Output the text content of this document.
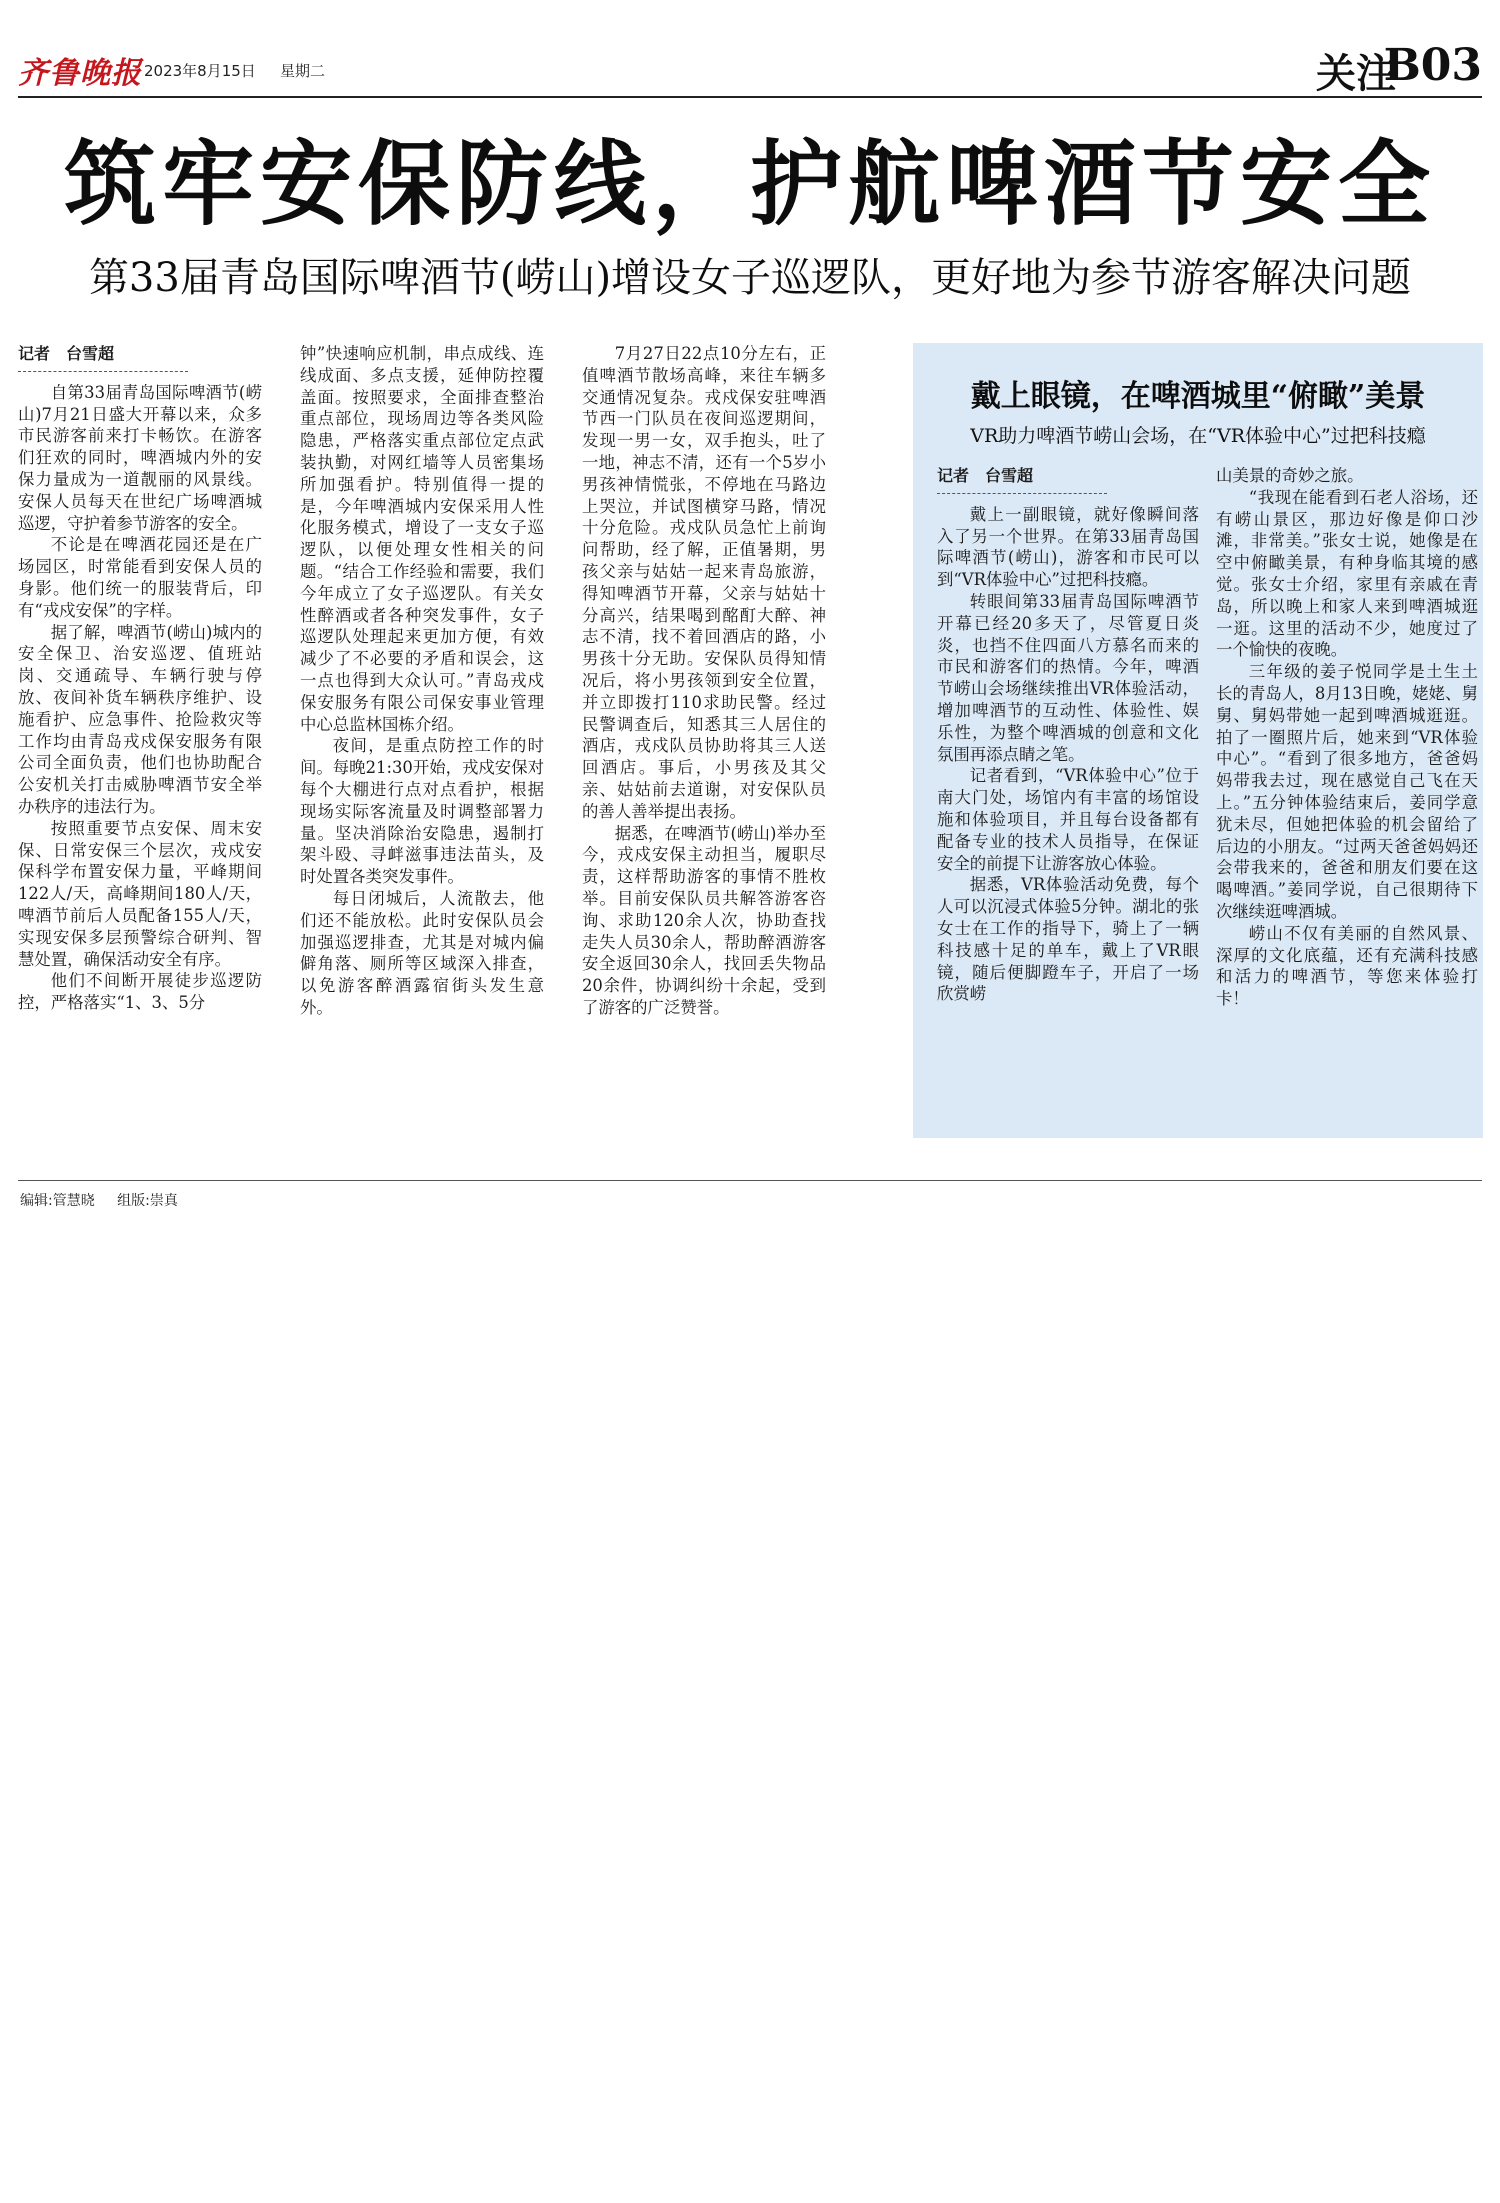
齐鲁晚报 2023年8月15日 星期二	关注
B03
筑牢安保防线，护航啤酒节安全
第33届青岛国际啤酒节(崂山)增设女子巡逻队，更好地为参节游客解决问题

记者　台雪超

自第33届青岛国际啤酒节(崂山)7月21日盛大开幕以来，众多市民游客前来打卡畅饮。在游客们狂欢的同时，啤酒城内外的安保力量成为一道靓丽的风景线。安保人员每天在世纪广场啤酒城巡逻，守护着参节游客的安全。

不论是在啤酒花园还是在广场园区，时常能看到安保人员的身影。他们统一的服装背后，印有“戎戍安保”的字样。

据了解，啤酒节(崂山)城内的安全保卫、治安巡逻、值班站岗、交通疏导、车辆行驶与停放、夜间补货车辆秩序维护、设施看护、应急事件、抢险救灾等工作均由青岛戎戍保安服务有限公司全面负责，他们也协助配合公安机关打击威胁啤酒节安全举办秩序的违法行为。

按照重要节点安保、周末安保、日常安保三个层次，戎戍安保科学布置安保力量，平峰期间122人/天，高峰期间180人/天，啤酒节前后人员配备155人/天，实现安保多层预警综合研判、智慧处置，确保活动安全有序。

他们不间断开展徒步巡逻防控，严格落实“1、3、5分

钟”快速响应机制，串点成线、连线成面、多点支援，延伸防控覆盖面。按照要求，全面排查整治重点部位，现场周边等各类风险隐患，严格落实重点部位定点武装执勤，对网红墙等人员密集场所加强看护。特别值得一提的是，今年啤酒城内安保采用人性化服务模式，增设了一支女子巡逻队，以便处理女性相关的问题。“结合工作经验和需要，我们今年成立了女子巡逻队。有关女性醉酒或者各种突发事件，女子巡逻队处理起来更加方便，有效减少了不必要的矛盾和误会，这一点也得到大众认可。”青岛戎戍保安服务有限公司保安事业管理中心总监林国栋介绍。

夜间，是重点防控工作的时间。每晚21:30开始，戎戍安保对每个大棚进行点对点看护，根据现场实际客流量及时调整部署力量。坚决消除治安隐患，遏制打架斗殴、寻衅滋事违法苗头，及时处置各类突发事件。

每日闭城后，人流散去，他们还不能放松。此时安保队员会加强巡逻排查，尤其是对城内偏僻角落、厕所等区域深入排查，以免游客醉酒露宿街头发生意外。

7月27日22点10分左右，正值啤酒节散场高峰，来往车辆多交通情况复杂。戎戍保安驻啤酒节西一门队员在夜间巡逻期间，发现一男一女，双手抱头，吐了一地，神志不清，还有一个5岁小男孩神情慌张，不停地在马路边上哭泣，并试图横穿马路，情况十分危险。戎戍队员急忙上前询问帮助，经了解，正值暑期，男孩父亲与姑姑一起来青岛旅游，得知啤酒节开幕，父亲与姑姑十分高兴，结果喝到酩酊大醉、神志不清，找不着回酒店的路，小男孩十分无助。安保队员得知情况后，将小男孩领到安全位置，并立即拨打110求助民警。经过民警调查后，知悉其三人居住的酒店，戎戍队员协助将其三人送回酒店。事后，小男孩及其父亲、姑姑前去道谢，对安保队员的善人善举提出表扬。

据悉，在啤酒节(崂山)举办至今，戎戍安保主动担当，履职尽责，这样帮助游客的事情不胜枚举。目前安保队员共解答游客咨询、求助120余人次，协助查找走失人员30余人，帮助醉酒游客安全返回30余人，找回丢失物品20余件，协调纠纷十余起，受到了游客的广泛赞誉。

戴上眼镜，在啤酒城里“俯瞰”美景
VR助力啤酒节崂山会场，在“VR体验中心”过把科技瘾

记者　台雪超

戴上一副眼镜，就好像瞬间落入了另一个世界。在第33届青岛国际啤酒节(崂山)，游客和市民可以到“VR体验中心”过把科技瘾。

转眼间第33届青岛国际啤酒节开幕已经20多天了，尽管夏日炎炎，也挡不住四面八方慕名而来的市民和游客们的热情。今年，啤酒节崂山会场继续推出VR体验活动，增加啤酒节的互动性、体验性、娱乐性，为整个啤酒城的创意和文化氛围再添点睛之笔。

记者看到，“VR体验中心”位于南大门处，场馆内有丰富的场馆设施和体验项目，并且每台设备都有配备专业的技术人员指导，在保证安全的前提下让游客放心体验。

据悉，VR体验活动免费，每个人可以沉浸式体验5分钟。湖北的张女士在工作的指导下，骑上了一辆科技感十足的单车，戴上了VR眼镜，随后便脚蹬车子，开启了一场欣赏崂

山美景的奇妙之旅。

“我现在能看到石老人浴场，还有崂山景区，那边好像是仰口沙滩，非常美。”张女士说，她像是在空中俯瞰美景，有种身临其境的感觉。张女士介绍，家里有亲戚在青岛，所以晚上和家人来到啤酒城逛一逛。这里的活动不少，她度过了一个愉快的夜晚。

三年级的姜子悦同学是土生土长的青岛人，8月13日晚，姥姥、舅舅、舅妈带她一起到啤酒城逛逛。拍了一圈照片后，她来到“VR体验中心”。“看到了很多地方，爸爸妈妈带我去过，现在感觉自己飞在天上。”五分钟体验结束后，姜同学意犹未尽，但她把体验的机会留给了后边的小朋友。“过两天爸爸妈妈还会带我来的，爸爸和朋友们要在这喝啤酒。”姜同学说，自己很期待下次继续逛啤酒城。

崂山不仅有美丽的自然风景、深厚的文化底蕴，还有充满科技感和活力的啤酒节，等您来体验打卡！

编辑:管慧晓 组版:崇真
